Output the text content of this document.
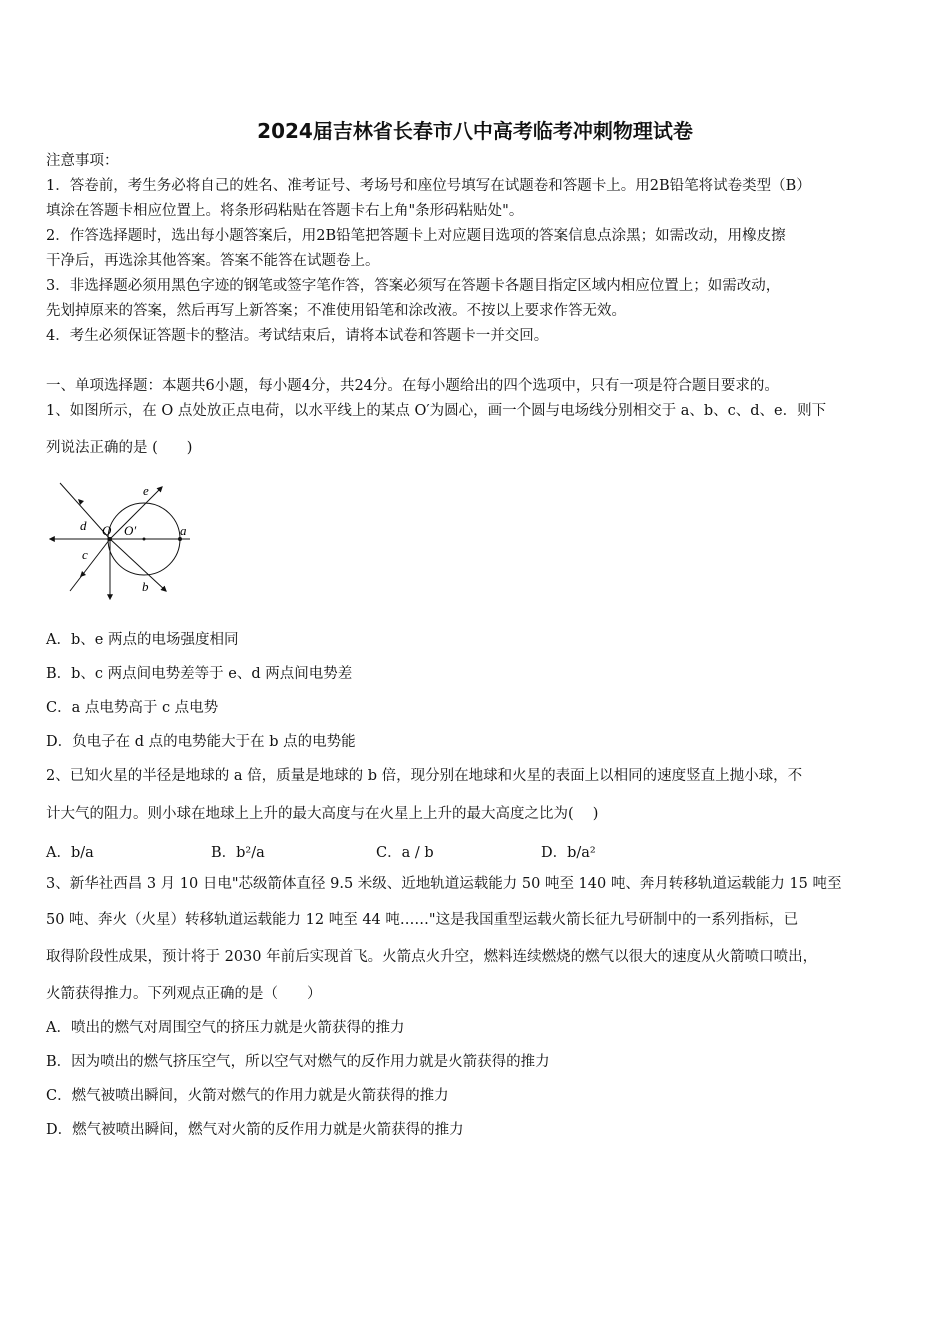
2024届吉林省长春市八中高考临考冲刺物理试卷
注意事项：
1．答卷前，考生务必将自己的姓名、准考证号、考场号和座位号填写在试题卷和答题卡上。用2B铅笔将试卷类型（B）
填涂在答题卡相应位置上。将条形码粘贴在答题卡右上角"条形码粘贴处"。
2．作答选择题时，选出每小题答案后，用2B铅笔把答题卡上对应题目选项的答案信息点涂黑；如需改动，用橡皮擦
干净后，再选涂其他答案。答案不能答在试题卷上。
3．非选择题必须用黑色字迹的钢笔或签字笔作答，答案必须写在答题卡各题目指定区域内相应位置上；如需改动，
先划掉原来的答案，然后再写上新答案；不准使用铅笔和涂改液。不按以上要求作答无效。
4．考生必须保证答题卡的整洁。考试结束后，请将本试卷和答题卡一并交回。
一、单项选择题：本题共6小题，每小题4分，共24分。在每小题给出的四个选项中，只有一项是符合题目要求的。
1、如图所示，在 O 点处放正点电荷，以水平线上的某点 O′为圆心，画一个圆与电场线分别相交于 a、b、c、d、e．则下
列说法正确的是 (　　)
e
d O O′	a
c
b
A．b、e 两点的电场强度相同
B．b、c 两点间电势差等于 e、d 两点间电势差
C．a 点电势高于 c 点电势
D．负电子在 d 点的电势能大于在 b 点的电势能
2、已知火星的半径是地球的 a 倍，质量是地球的 b 倍，现分别在地球和火星的表面上以相同的速度竖直上抛小球，不
计大气的阻力。则小球在地球上上升的最大高度与在火星上上升的最大高度之比为(　 )
A．b/a	B．b²/a	C．a / b	D．b/a²
3、新华社西昌 3 月 10 日电"芯级箭体直径 9.5 米级、近地轨道运载能力 50 吨至 140 吨、奔月转移轨道运载能力 15 吨至
50 吨、奔火（火星）转移轨道运载能力 12 吨至 44 吨……"这是我国重型运载火箭长征九号研制中的一系列指标，已
取得阶段性成果，预计将于 2030 年前后实现首飞。火箭点火升空，燃料连续燃烧的燃气以很大的速度从火箭喷口喷出，
火箭获得推力。下列观点正确的是（　　）
A．喷出的燃气对周围空气的挤压力就是火箭获得的推力
B．因为喷出的燃气挤压空气，所以空气对燃气的反作用力就是火箭获得的推力
C．燃气被喷出瞬间，火箭对燃气的作用力就是火箭获得的推力
D．燃气被喷出瞬间，燃气对火箭的反作用力就是火箭获得的推力
